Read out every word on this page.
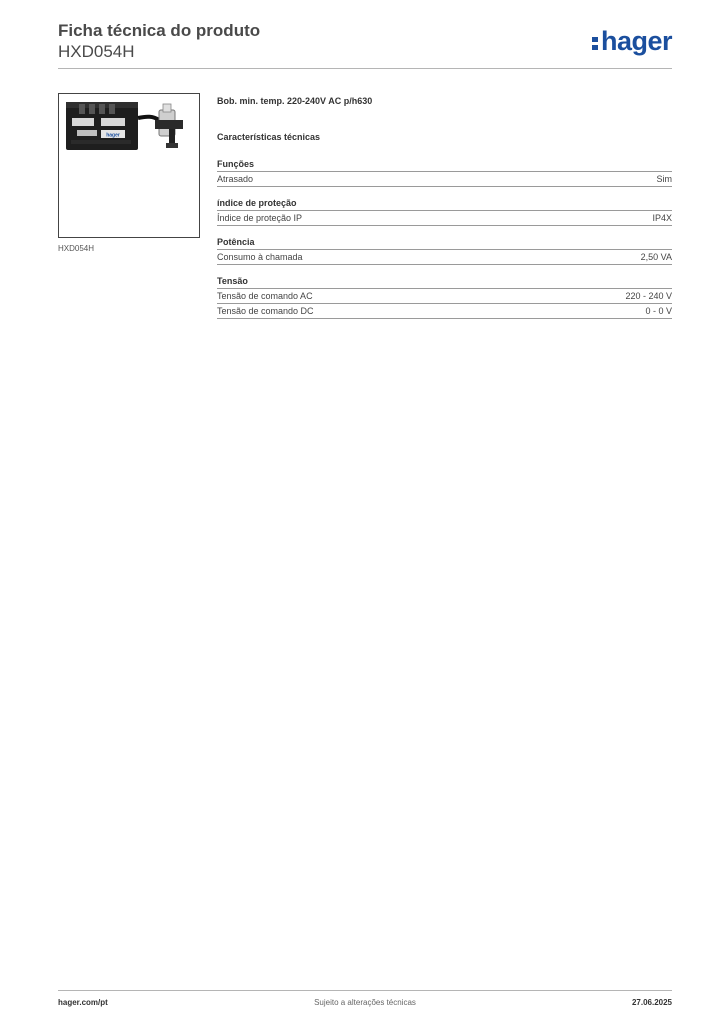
Ficha técnica do produto
HXD054H	hager
hager
HXD054H

Bob. min. temp. 220-240V AC p/h630

Características técnicas

Funções
Atrasado	Sim
índice de proteção
Índice de proteção IP	IP4X
Potência
Consumo à chamada	2,50 VA
Tensão
Tensão de comando AC	220 - 240 V
Tensão de comando DC	0 - 0 V
hager.com/pt	Sujeito a alterações técnicas	27.06.2025
